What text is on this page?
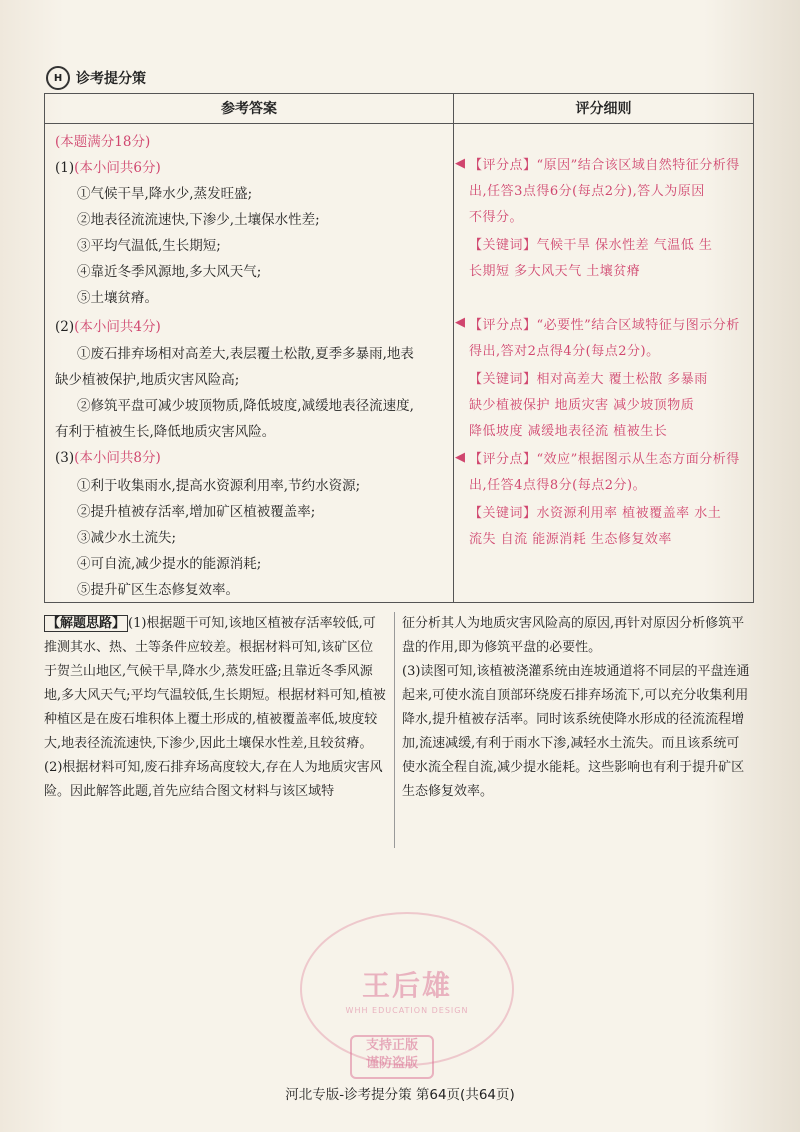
H 诊考提分策
参考答案	评分细则
(本题满分18分)
(1)(本小问共6分)
①气候干旱,降水少,蒸发旺盛;
②地表径流流速快,下渗少,土壤保水性差;
③平均气温低,生长期短;
④靠近冬季风源地,多大风天气;
⑤土壤贫瘠。
(2)(本小问共4分)
①废石排弃场相对高差大,表层覆土松散,夏季多暴雨,地表
缺少植被保护,地质灾害风险高;
②修筑平盘可减少坡顶物质,降低坡度,减缓地表径流速度,
有利于植被生长,降低地质灾害风险。
(3)(本小问共8分)
①利于收集雨水,提高水资源利用率,节约水资源;
②提升植被存活率,增加矿区植被覆盖率;
③减少水土流失;
④可自流,减少提水的能源消耗;
⑤提升矿区生态修复效率。
◀ 【评分点】“原因”结合该区域自然特征分析得
出,任答3点得6分(每点2分),答人为原因
不得分。
【关键词】气候干旱 保水性差 气温低 生
长期短 多大风天气 土壤贫瘠
◀ 【评分点】“必要性”结合区域特征与图示分析
得出,答对2点得4分(每点2分)。
【关键词】相对高差大 覆土松散 多暴雨
缺少植被保护 地质灾害 减少坡顶物质
降低坡度 减缓地表径流 植被生长
◀ 【评分点】“效应”根据图示从生态方面分析得
出,任答4点得8分(每点2分)。
【关键词】水资源利用率 植被覆盖率 水土
流失 自流 能源消耗 生态修复效率

【解题思路】 (1)根据题干可知,该地区植被存活率较低,可推测其水、热、土等条件应较差。根据材料可知,该矿区位于贺兰山地区,气候干旱,降水少,蒸发旺盛;且靠近冬季风源地,多大风天气;平均气温较低,生长期短。根据材料可知,植被种植区是在废石堆积体上覆土形成的,植被覆盖率低,坡度较大,地表径流流速快,下渗少,因此土壤保水性差,且较贫瘠。

(2)根据材料可知,废石排弃场高度较大,存在人为地质灾害风险。因此解答此题,首先应结合图文材料与该区域特

征分析其人为地质灾害风险高的原因,再针对原因分析修筑平盘的作用,即为修筑平盘的必要性。

(3)读图可知,该植被浇灌系统由连坡通道将不同层的平盘连通起来,可使水流自顶部环绕废石排弃场流下,可以充分收集利用降水,提升植被存活率。同时该系统使降水形成的径流流程增加,流速减缓,有利于雨水下渗,减轻水土流失。而且该系统可使水流全程自流,减少提水能耗。这些影响也有利于提升矿区生态修复效率。

王后雄
WHH EDUCATION DESIGN
支持正版
谨防盗版
河北专版-诊考提分策 第64页(共64页)
